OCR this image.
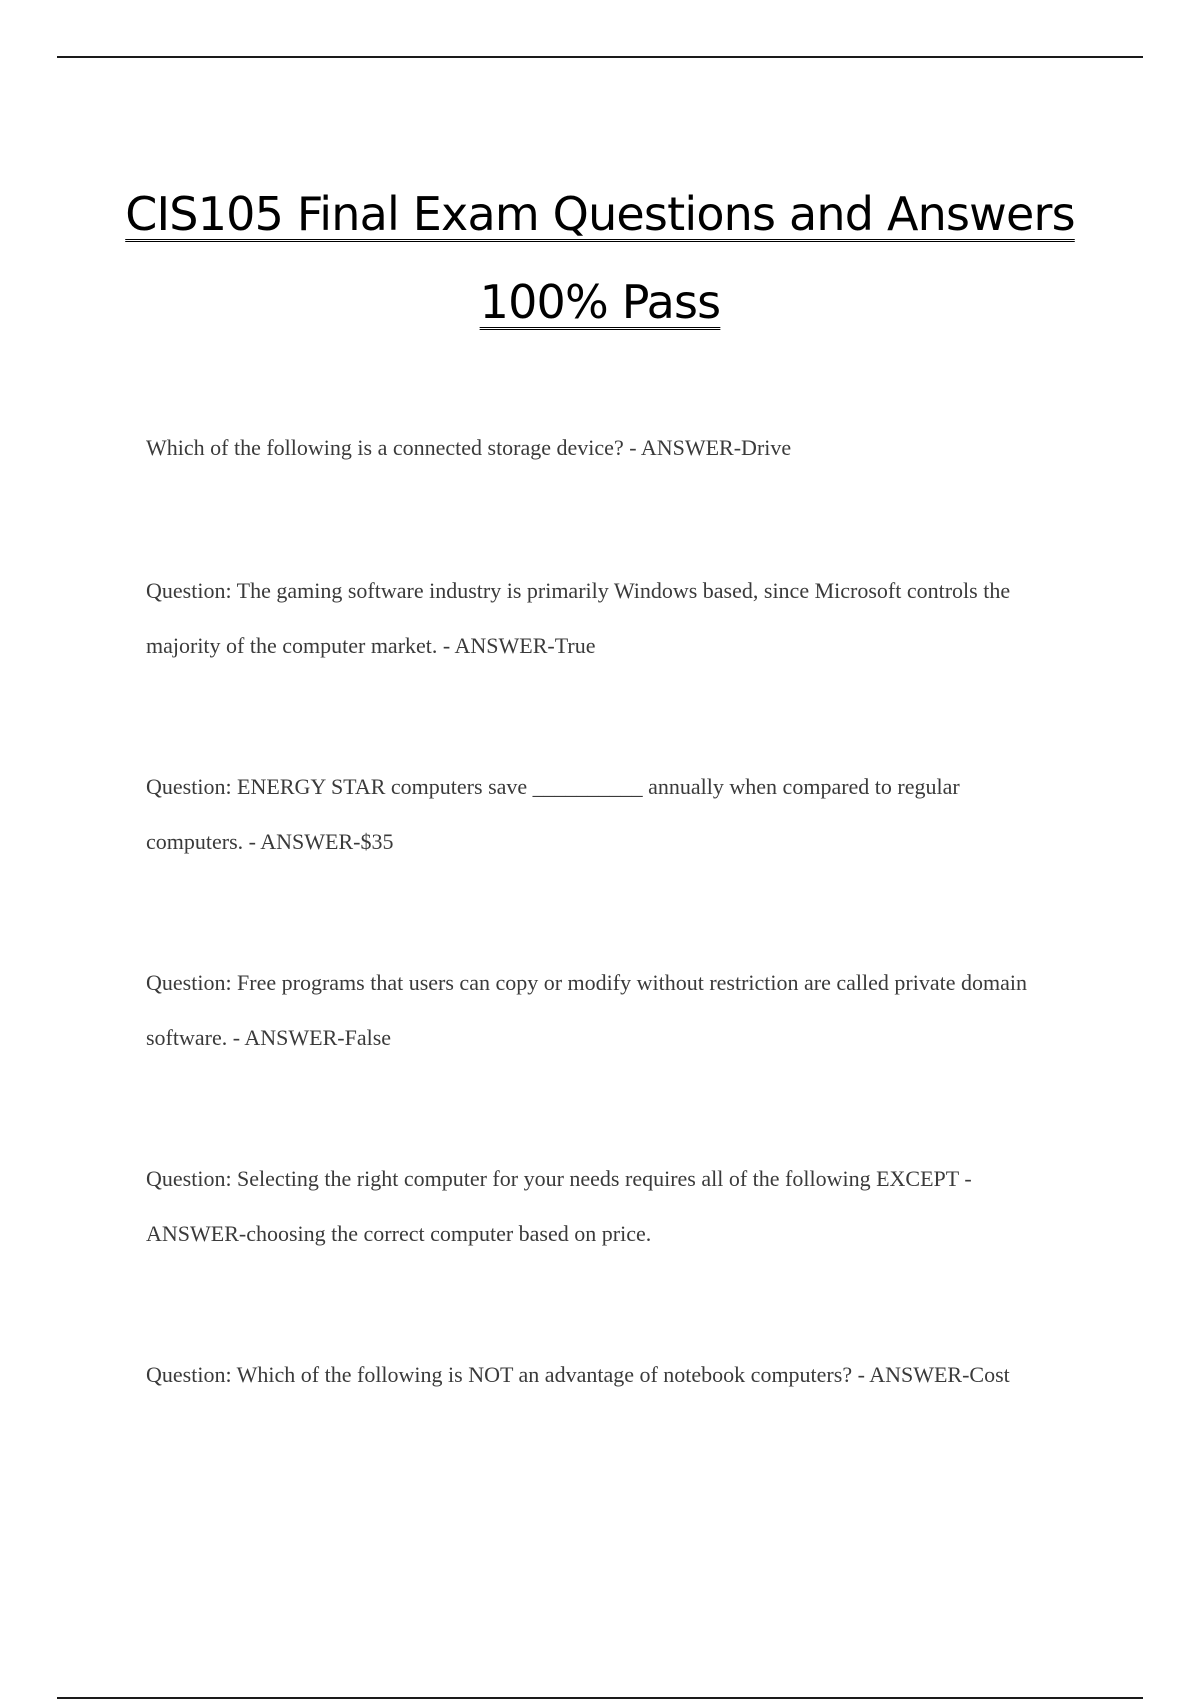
CIS105 Final Exam Questions and Answers
100% Pass

Which of the following is a connected storage device? - ANSWER-Drive

Question: The gaming software industry is primarily Windows based, since Microsoft controls the majority of the computer market. - ANSWER-True

Question: ENERGY STAR computers save __________ annually when compared to regular computers. - ANSWER-$35

Question: Free programs that users can copy or modify without restriction are called private domain software. - ANSWER-False

Question: Selecting the right computer for your needs requires all of the following EXCEPT - ANSWER-choosing the correct computer based on price.

Question: Which of the following is NOT an advantage of notebook computers? - ANSWER-Cost
